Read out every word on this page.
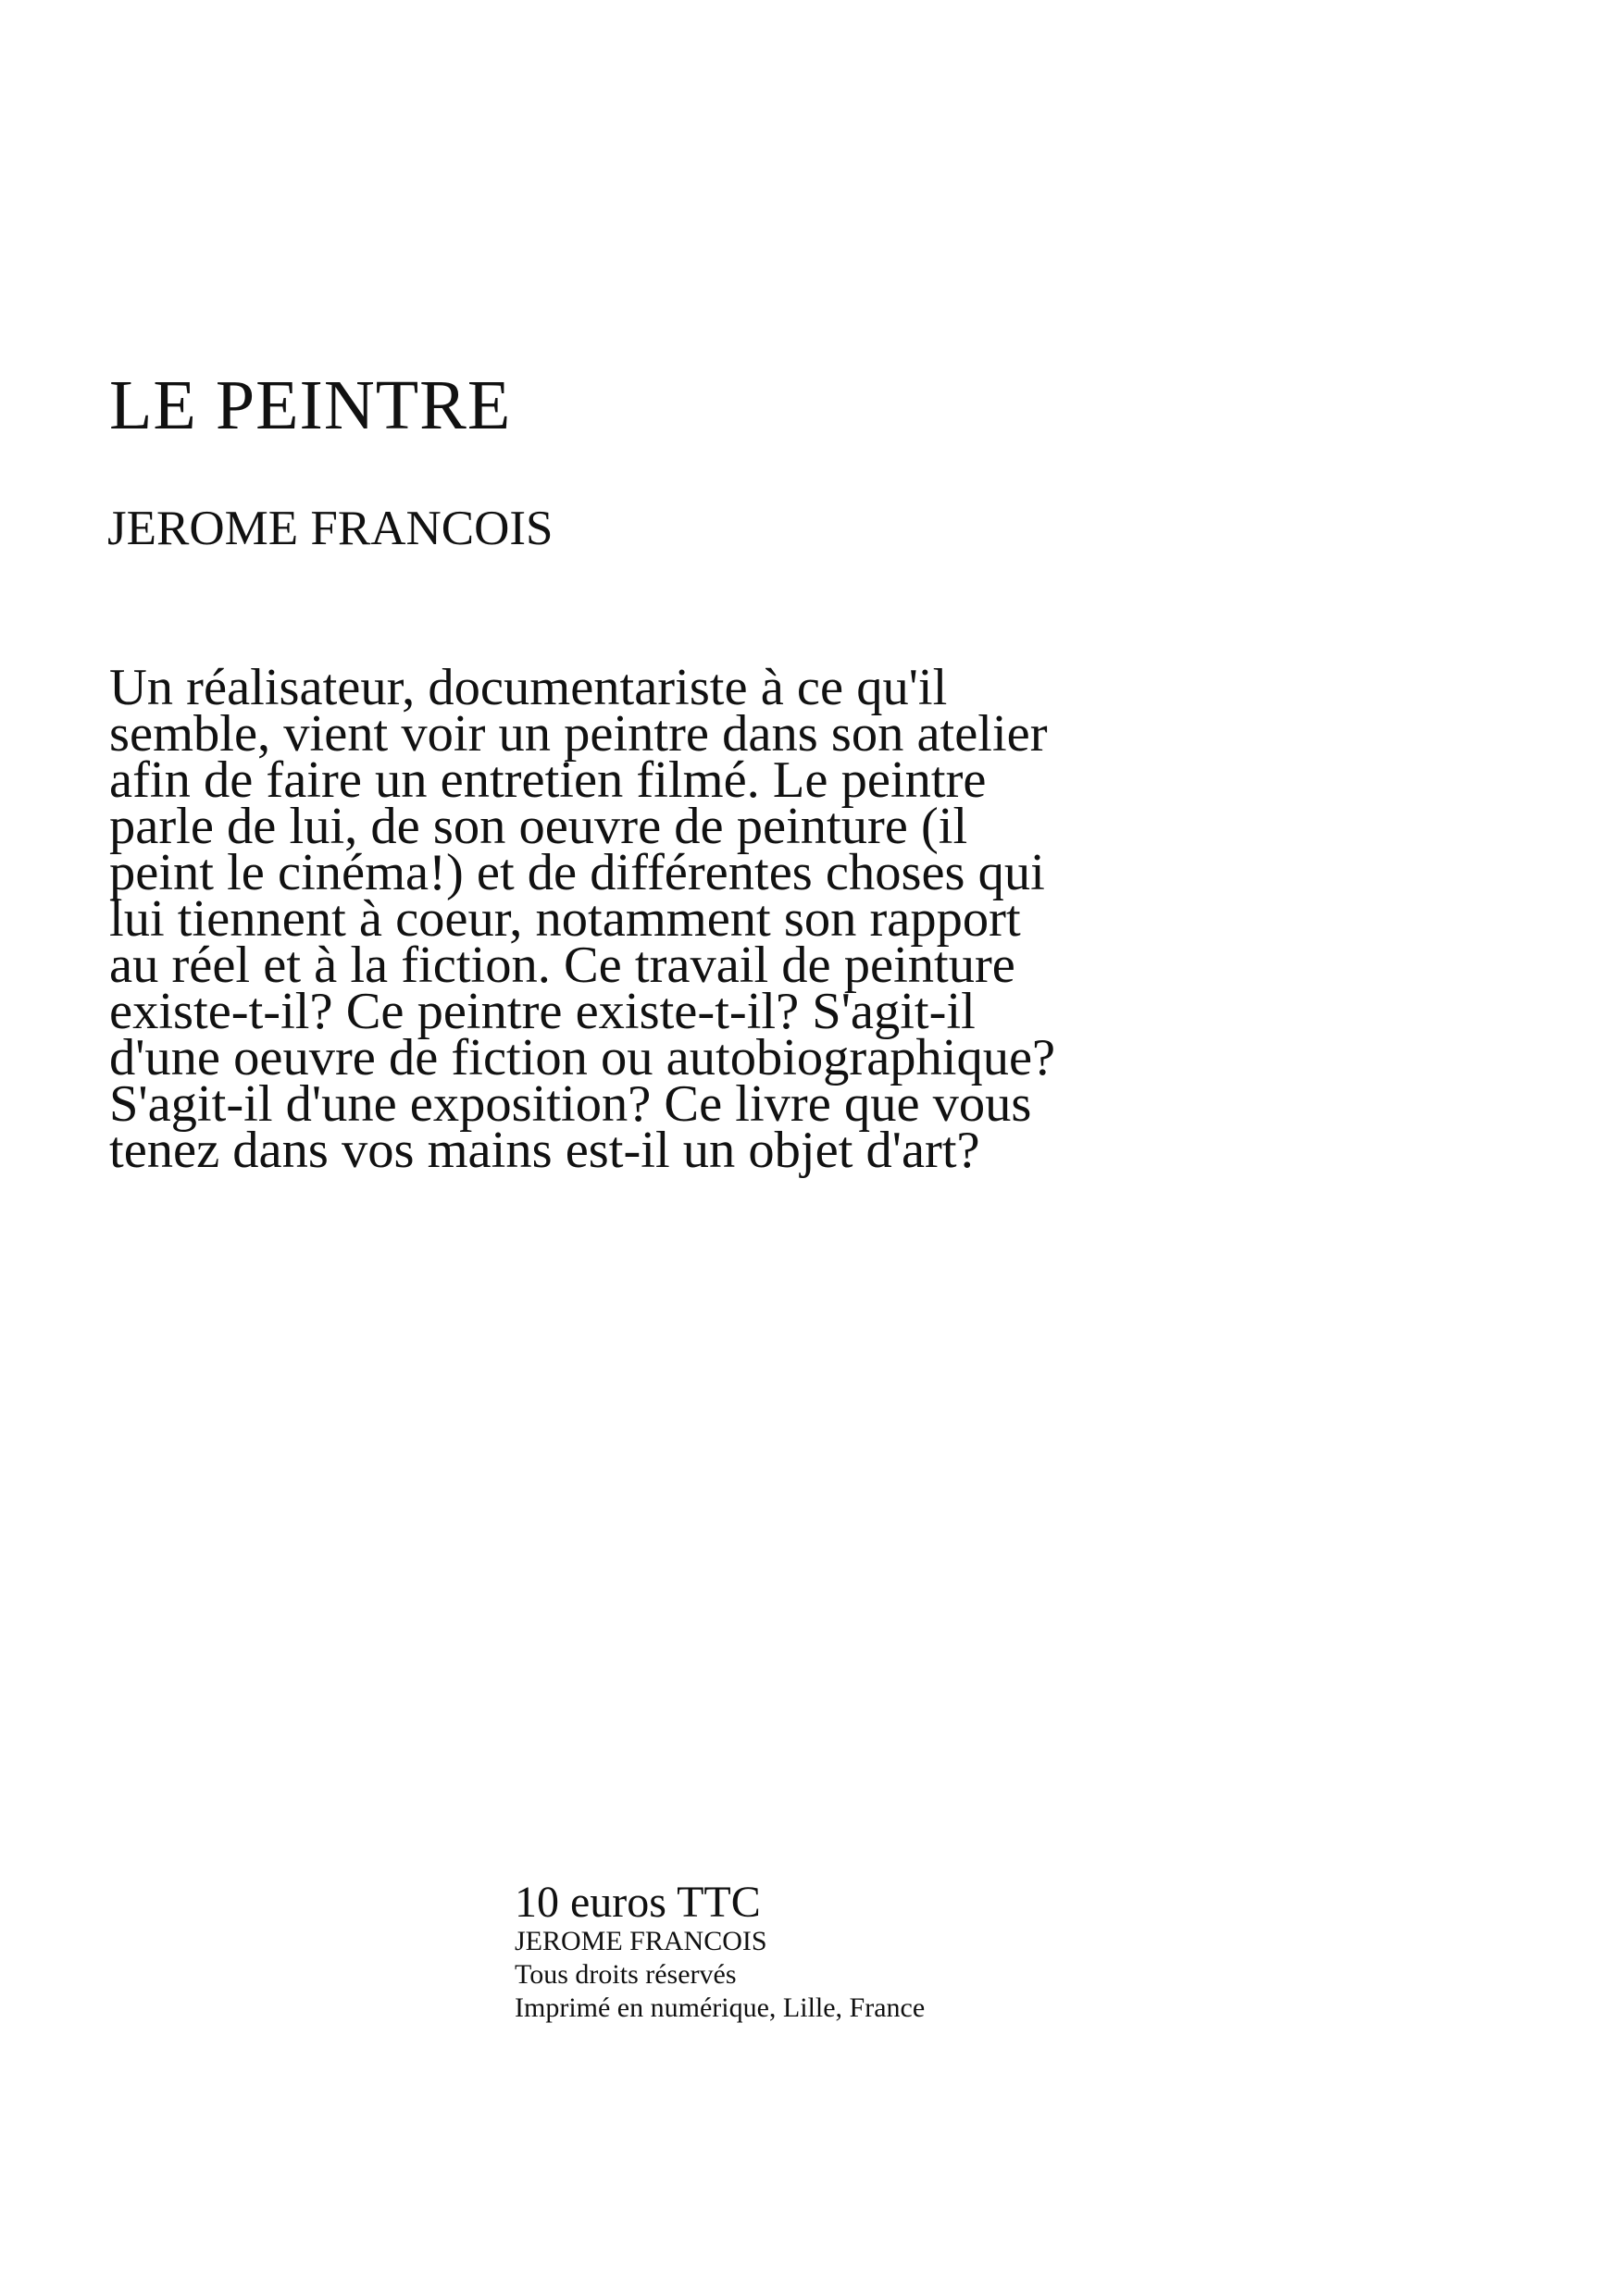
LE PEINTRE
JEROME FRANCOIS

Un réalisateur, documentariste à ce qu'il
semble, vient voir un peintre dans son atelier
afin de faire un entretien filmé. Le peintre
parle de lui, de son oeuvre de peinture (il
peint le cinéma!) et de différentes choses qui
lui tiennent à coeur, notamment son rapport
au réel et à la fiction. Ce travail de peinture
existe-t-il? Ce peintre existe-t-il? S'agit-il
d'une oeuvre de fiction ou autobiographique?
S'agit-il d'une exposition? Ce livre que vous
tenez dans vos mains est-il un objet d'art?

10 euros TTC
JEROME FRANCOIS
Tous droits réservés
Imprimé en numérique, Lille, France
